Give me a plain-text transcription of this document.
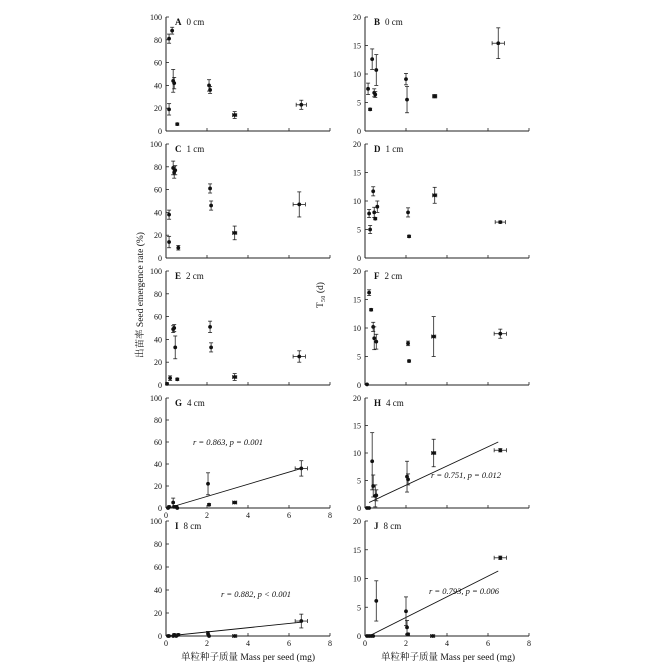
0
20
40
60
80
100 A 0 cm
0
5
10
15
20 B 0 cm
0
20
40
60
80
100 C 1 cm
0
5
10
15
20 D 1 cm
0
20
40
60
80
100 E 2 cm
0
5
10
15
20 F 2 cm
0
20
40
60
80
100
0	2	4	6	8
G 4 cm
r = 0.863, p = 0.001
0
5
10
15
20 H 4 cm
r = 0.751, p = 0.012
0
20
40
60
80
100
0	2	4	6	8
I 8 cm
r = 0.882, p < 0.001
0
5
10
15
20
0	2	4	6	8
J 8 cm
r = 0.793, p = 0.006
出苗率 Seed emergence rate (%)	T₅₀ (d)
单粒种子质量 Mass per seed (mg)	单粒种子质量 Mass per seed (mg)
